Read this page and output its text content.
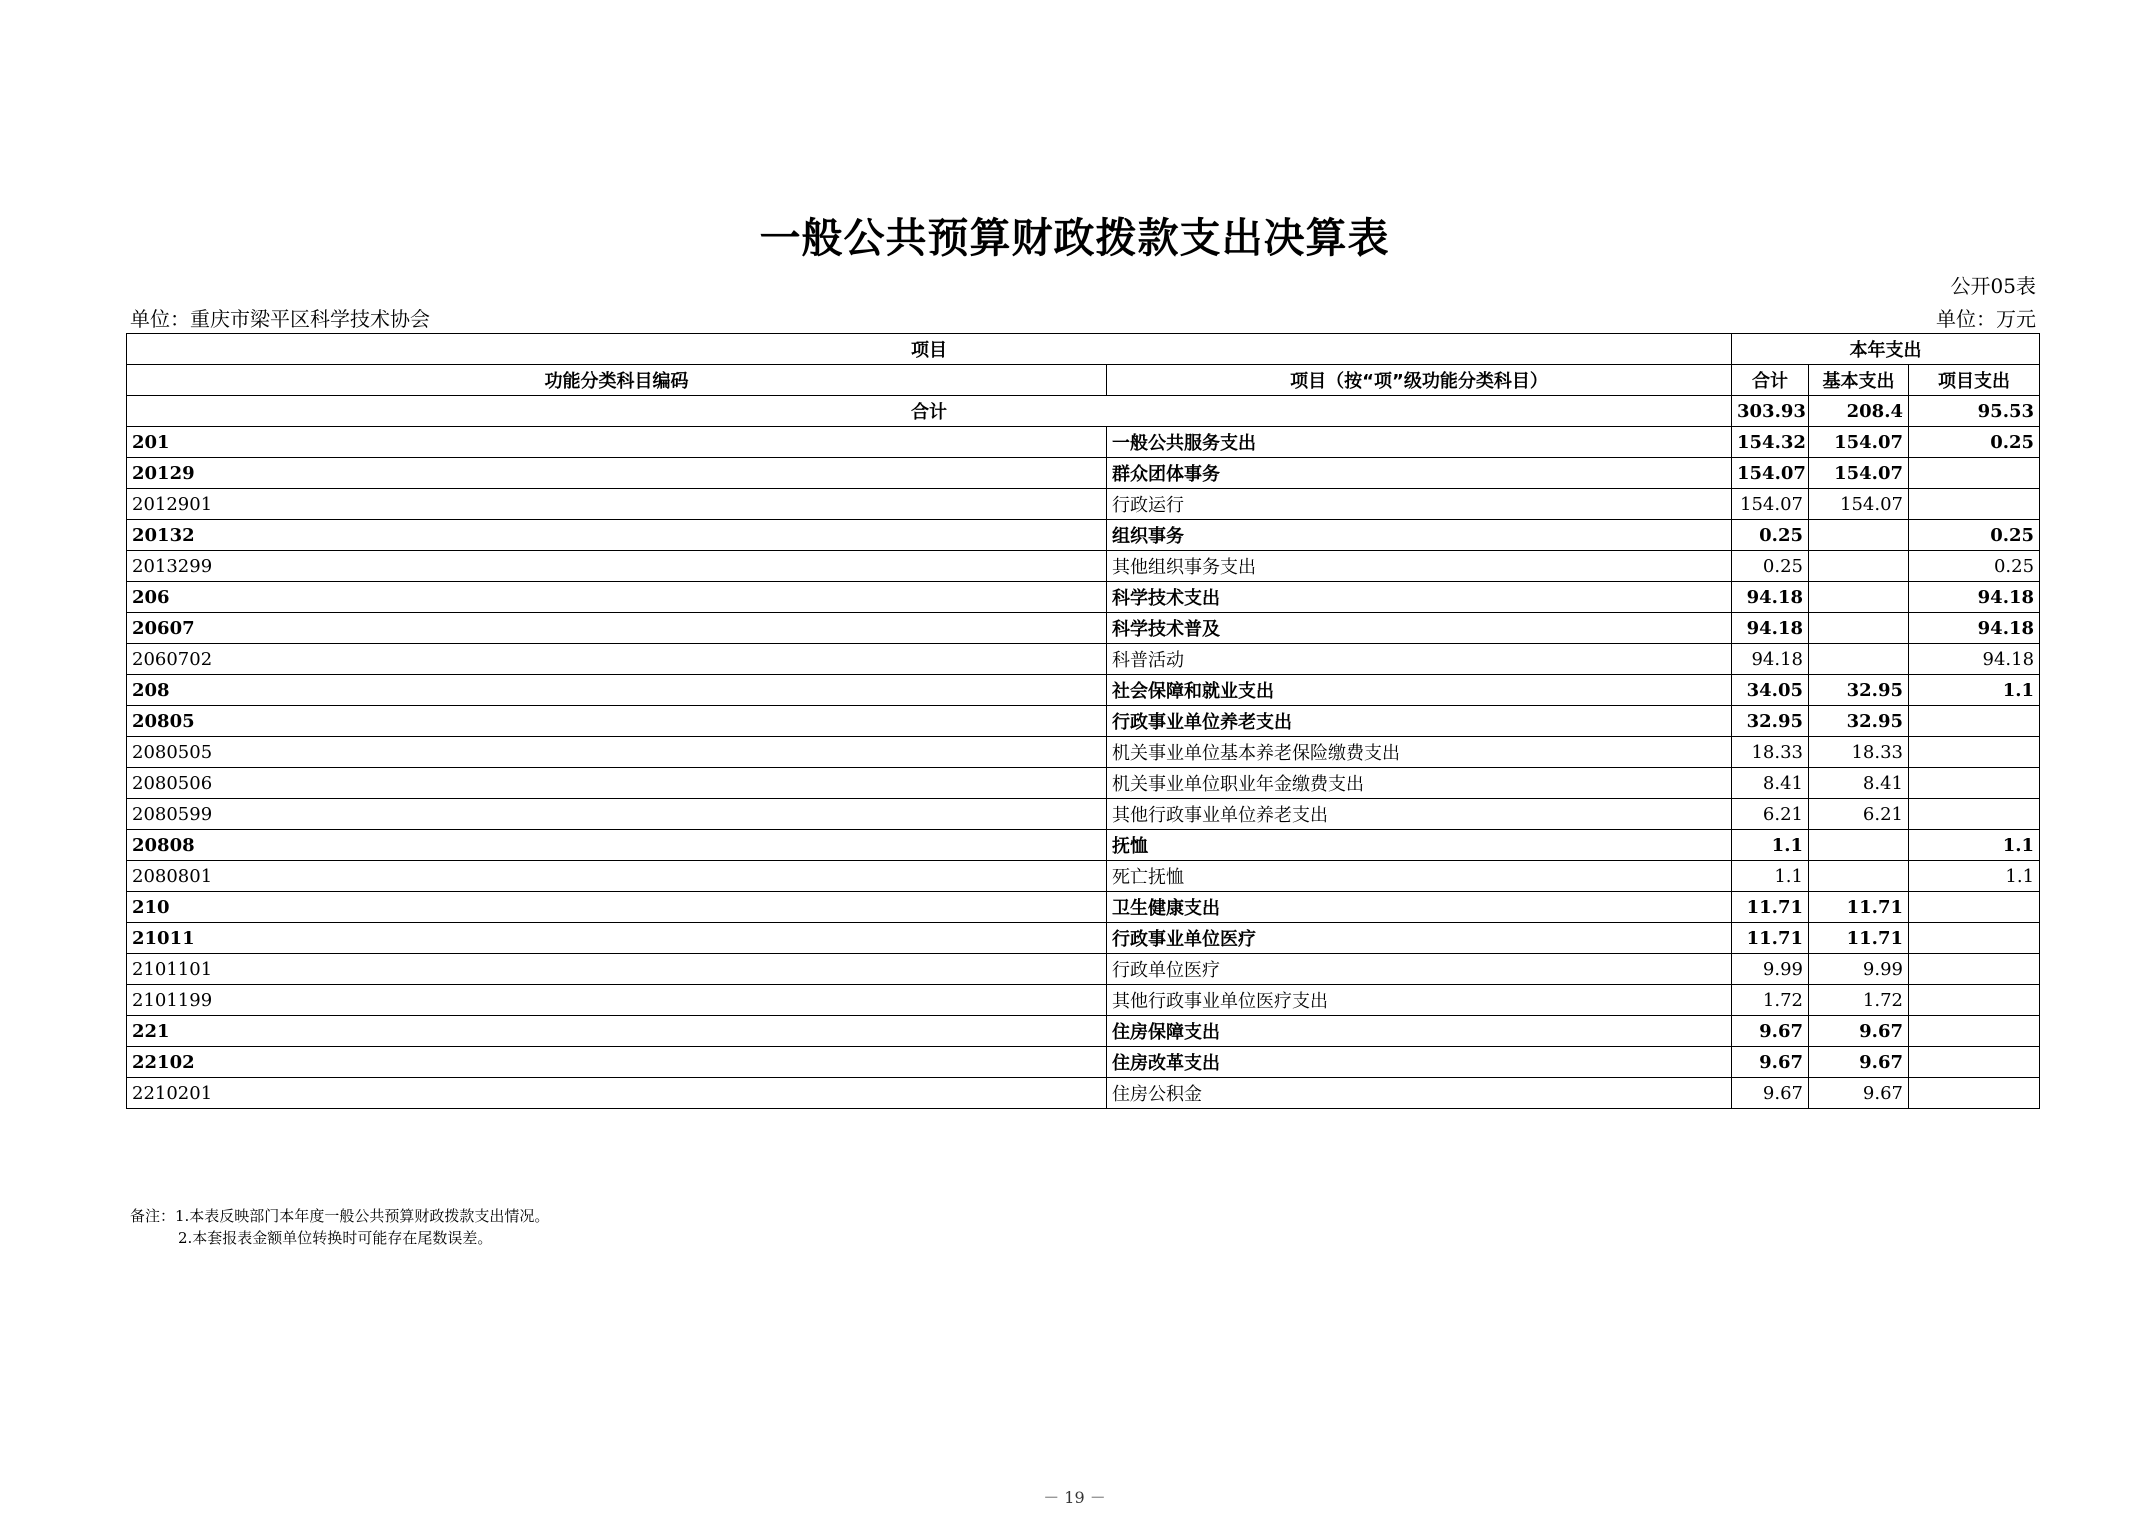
一般公共预算财政拨款支出决算表
公开05表
单位：重庆市梁平区科学技术协会	单位：万元
项目		本年支出		
功能分类科目编码	项目（按“项”级功能分类科目）	合计	基本支出	项目支出
合计		303.93	208.4	95.53
201	一般公共服务支出	154.32	154.07	0.25
20129	群众团体事务	154.07	154.07	
2012901	行政运行	154.07	154.07	
20132	组织事务	0.25		0.25
2013299	其他组织事务支出	0.25		0.25
206	科学技术支出	94.18		94.18
20607	科学技术普及	94.18		94.18
2060702	科普活动	94.18		94.18
208	社会保障和就业支出	34.05	32.95	1.1
20805	行政事业单位养老支出	32.95	32.95	
2080505	机关事业单位基本养老保险缴费支出	18.33	18.33	
2080506	机关事业单位职业年金缴费支出	8.41	8.41	
2080599	其他行政事业单位养老支出	6.21	6.21	
20808	抚恤	1.1		1.1
2080801	死亡抚恤	1.1		1.1
210	卫生健康支出	11.71	11.71	
21011	行政事业单位医疗	11.71	11.71	
2101101	行政单位医疗	9.99	9.99	
2101199	其他行政事业单位医疗支出	1.72	1.72	
221	住房保障支出	9.67	9.67	
22102	住房改革支出	9.67	9.67	
2210201	住房公积金	9.67	9.67	
备注：1.本表反映部门本年度一般公共预算财政拨款支出情况。
2.本套报表金额单位转换时可能存在尾数误差。
－ 19 －
